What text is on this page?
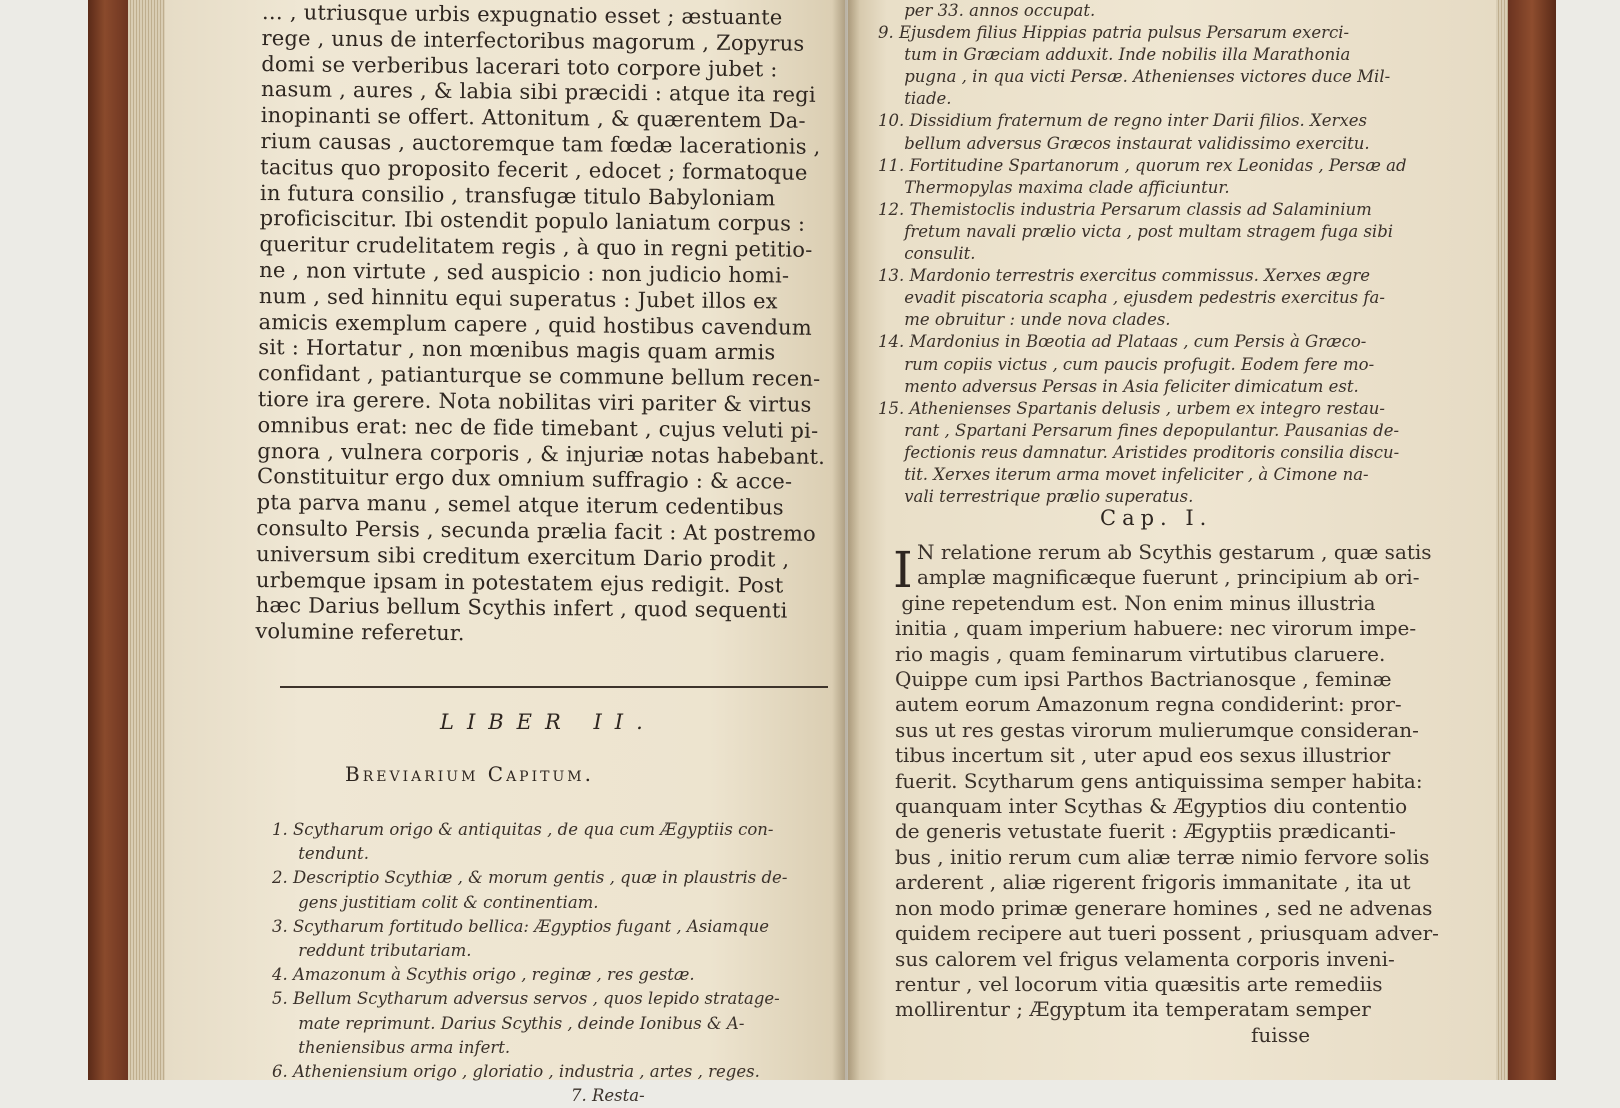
… , utriusque urbis expugnatio esset ; æstuante
rege , unus de interfectoribus magorum , Zopyrus
domi se verberibus lacerari toto corpore jubet :
nasum , aures , & labia sibi præcidi : atque ita regi
inopinanti se offert. Attonitum , & quærentem Da-
rium causas , auctoremque tam fœdæ lacerationis ,
tacitus quo proposito fecerit , edocet ; formatoque
in futura consilio , transfugæ titulo Babyloniam
proficiscitur. Ibi ostendit populo laniatum corpus :
queritur crudelitatem regis , à quo in regni petitio-
ne , non virtute , sed auspicio : non judicio homi-
num , sed hinnitu equi superatus : Jubet illos ex
amicis exemplum capere , quid hostibus cavendum
sit : Hortatur , non mœnibus magis quam armis
confidant , patianturque se commune bellum recen-
tiore ira gerere. Nota nobilitas viri pariter & virtus
omnibus erat: nec de fide timebant , cujus veluti pi-
gnora , vulnera corporis , & injuriæ notas habebant.
Constituitur ergo dux omnium suffragio : & acce-
pta parva manu , semel atque iterum cedentibus
consulto Persis , secunda prælia facit : At postremo
universum sibi creditum exercitum Dario prodit ,
urbemque ipsam in potestatem ejus redigit. Post
hæc Darius bellum Scythis infert , quod sequenti
volumine referetur.
LIBER II.
Breviarium Capitum.
1. Scytharum origo & antiquitas , de qua cum Ægyptiis con-
tendunt.
2. Descriptio Scythiæ , & morum gentis , quæ in plaustris de-
gens justitiam colit & continentiam.
3. Scytharum fortitudo bellica: Ægyptios fugant , Asiamque
reddunt tributariam.
4. Amazonum à Scythis origo , reginæ , res gestæ.
5. Bellum Scytharum adversus servos , quos lepido stratage-
mate reprimunt. Darius Scythis , deinde Ionibus & A-
theniensibus arma infert.
6. Atheniensium origo , gloriatio , industria , artes , reges.
7. Resta-
per 33. annos occupat.
9. Ejusdem filius Hippias patria pulsus Persarum exerci-
tum in Græciam adduxit. Inde nobilis illa Marathonia
pugna , in qua victi Persæ. Athenienses victores duce Mil-
tiade.
10. Dissidium fraternum de regno inter Darii filios. Xerxes
bellum adversus Græcos instaurat validissimo exercitu.
11. Fortitudine Spartanorum , quorum rex Leonidas , Persæ ad
Thermopylas maxima clade afficiuntur.
12. Themistoclis industria Persarum classis ad Salaminium
fretum navali prælio victa , post multam stragem fuga sibi
consulit.
13. Mardonio terrestris exercitus commissus. Xerxes ægre
evadit piscatoria scapha , ejusdem pedestris exercitus fa-
me obruitur : unde nova clades.
14. Mardonius in Bœotia ad Plataas , cum Persis à Græco-
rum copiis victus , cum paucis profugit. Eodem fere mo-
mento adversus Persas in Asia feliciter dimicatum est.
15. Athenienses Spartanis delusis , urbem ex integro restau-
rant , Spartani Persarum fines depopulantur. Pausanias de-
fectionis reus damnatur. Aristides proditoris consilia discu-
tit. Xerxes iterum arma movet infeliciter , à Cimone na-
vali terrestrique prælio superatus.
Cap. I.
I N relatione rerum ab Scythis gestarum , quæ satis
amplæ magnificæque fuerunt , principium ab ori-
gine repetendum est. Non enim minus illustria
initia , quam imperium habuere: nec virorum impe-
rio magis , quam feminarum virtutibus claruere.
Quippe cum ipsi Parthos Bactrianosque , feminæ
autem eorum Amazonum regna condiderint: pror-
sus ut res gestas virorum mulierumque consideran-
tibus incertum sit , uter apud eos sexus illustrior
fuerit. Scytharum gens antiquissima semper habita:
quanquam inter Scythas & Ægyptios diu contentio
de generis vetustate fuerit : Ægyptiis prædicanti-
bus , initio rerum cum aliæ terræ nimio fervore solis
arderent , aliæ rigerent frigoris immanitate , ita ut
non modo primæ generare homines , sed ne advenas
quidem recipere aut tueri possent , priusquam adver-
sus calorem vel frigus velamenta corporis inveni-
rentur , vel locorum vitia quæsitis arte remediis
mollirentur ; Ægyptum ita temperatam semper
fuisse
